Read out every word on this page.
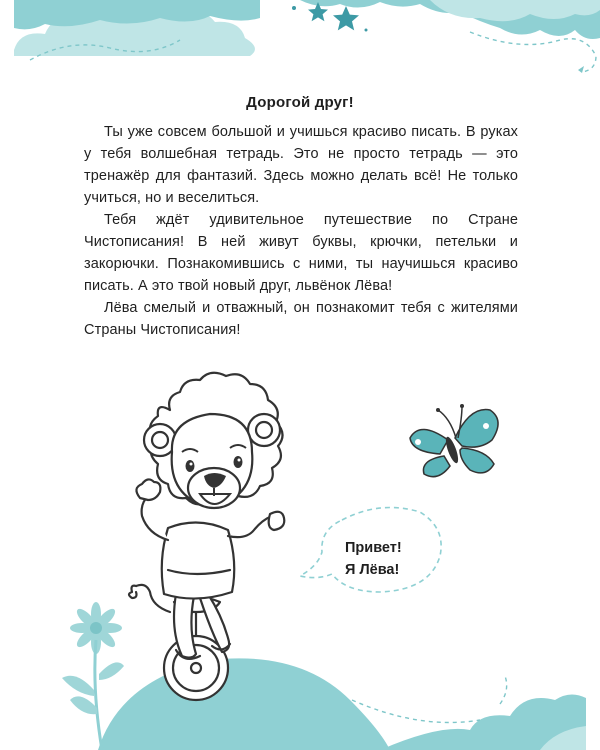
Дорогой друг!

Ты уже совсем большой и учишься красиво писать. В руках у тебя волшебная тетрадь. Это не просто тетрадь — это тренажёр для фантазий. Здесь можно делать всё! Не только учиться, но и веселиться.

Тебя ждёт удивительное путешествие по Стране Чистописания! В ней живут буквы, крючки, петельки и закорючки. Познакомившись с ними, ты научишься красиво писать. А это твой новый друг, львёнок Лёва!

Лёва смелый и отважный, он познакомит тебя с жителями Страны Чистописания!

Привет!
Я Лёва!
